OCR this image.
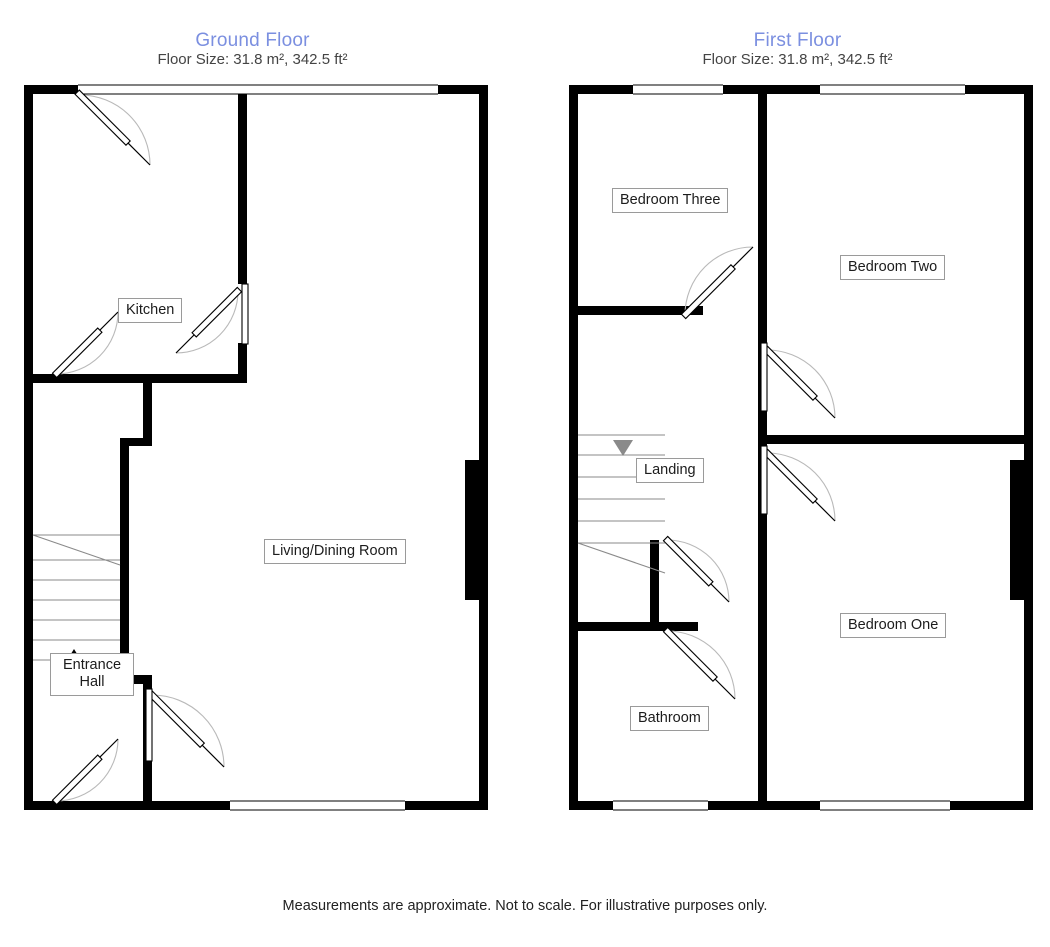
Ground Floor
Floor Size: 31.8 m², 342.5 ft²
Kitchen
Living/Dining Room
Entrance
Hall
First Floor
Floor Size: 31.8 m², 342.5 ft²
Bedroom Three
Bedroom Two
Landing
Bedroom One
Bathroom
Measurements are approximate. Not to scale. For illustrative purposes only.
